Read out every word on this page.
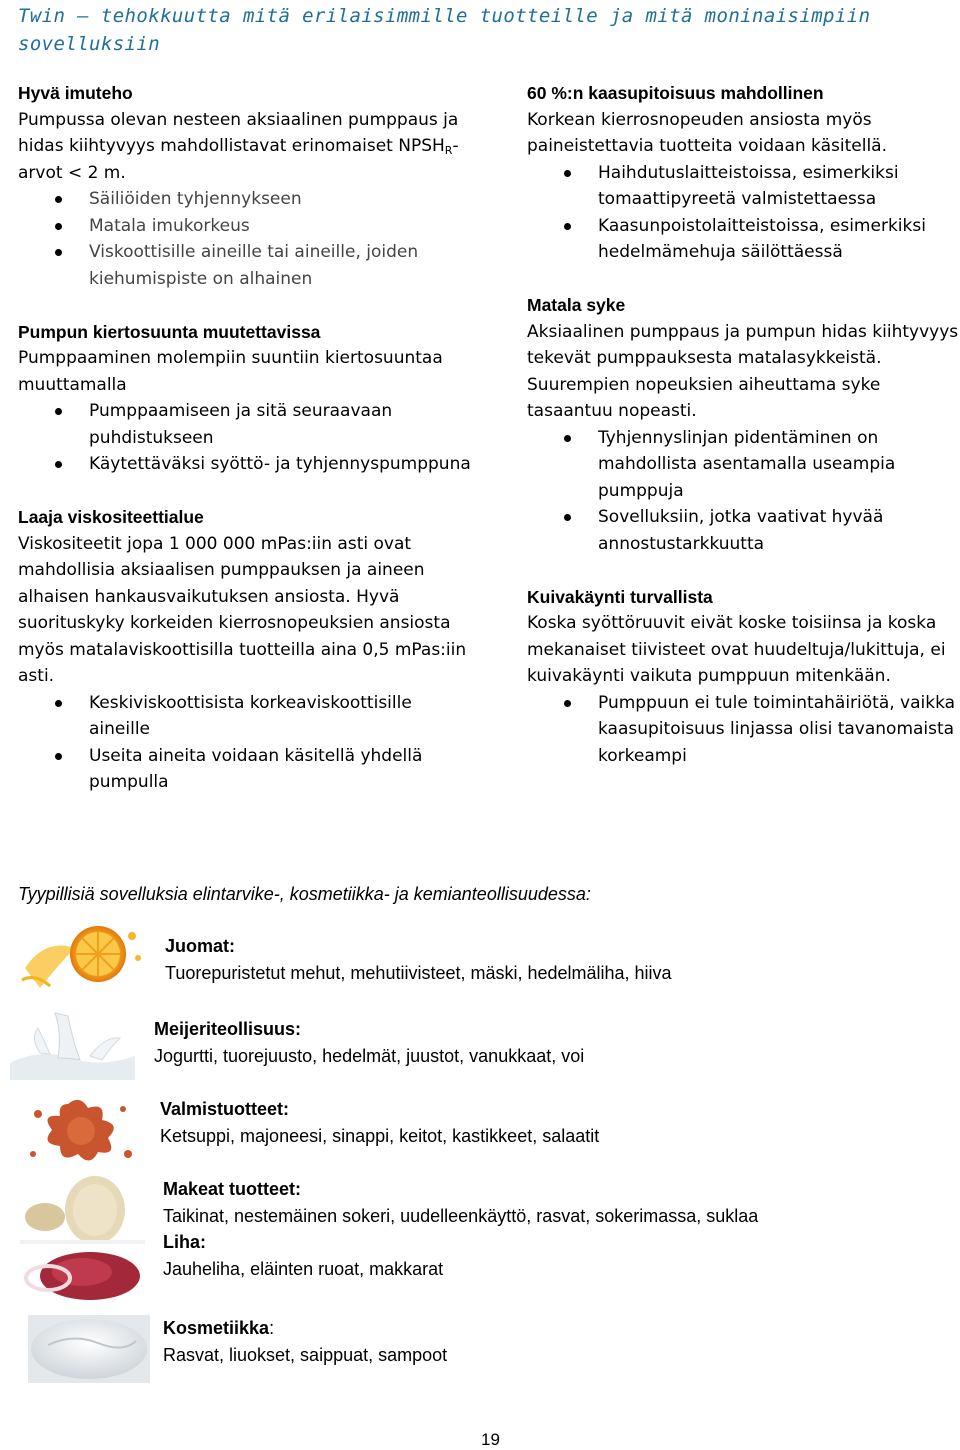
Twin – tehokkuutta mitä erilaisimmille tuotteille ja mitä moninaisimpiin sovelluksiin

Hyvä imuteho

Pumpussa olevan nesteen aksiaalinen pumppaus ja hidas kiihtyvyys mahdollistavat erinomaiset $NPSH_R$-arvot < 2 m.

Säiliöiden tyhjennykseen
Matala imukorkeus
Viskoottisille aineille tai aineille, joiden kiehumispiste on alhainen

Pumpun kiertosuunta muutettavissa

Pumppaaminen molempiin suuntiin kiertosuuntaa muuttamalla

Pumppaamiseen ja sitä seuraavaan puhdistukseen
Käytettäväksi syöttö- ja tyhjennyspumppuna

Laaja viskositeettialue

Viskositeetit jopa 1 000 000 mPas:iin asti ovat mahdollisia aksiaalisen pumppauksen ja aineen alhaisen hankausvaikutuksen ansiosta. Hyvä suorituskyky korkeiden kierrosnopeuksien ansiosta myös matalaviskoottisilla tuotteilla aina 0,5 mPas:iin asti.

Keskiviskoottisista korkeaviskoottisille aineille
Useita aineita voidaan käsitellä yhdellä pumpulla

60 %:n kaasupitoisuus mahdollinen

Korkean kierrosnopeuden ansiosta myös paineistettavia tuotteita voidaan käsitellä.

Haihdutuslaitteistoissa, esimerkiksi tomaattipyreetä valmistettaessa
Kaasunpoistolaitteistoissa, esimerkiksi hedelmämehuja säilöttäessä

Matala syke

Aksiaalinen pumppaus ja pumpun hidas kiihtyvyys tekevät pumppauksesta matalasykkeistä. Suurempien nopeuksien aiheuttama syke tasaantuu nopeasti.

Tyhjennyslinjan pidentäminen on mahdollista asentamalla useampia pumppuja
Sovelluksiin, jotka vaativat hyvää annostustarkkuutta

Kuivakäynti turvallista

Koska syöttöruuvit eivät koske toisiinsa ja koska mekanaiset tiivisteet ovat huudeltuja/lukittuja, ei kuivakäynti vaikuta pumppuun mitenkään.

Pumppuun ei tule toimintahäiriötä, vaikka kaasupitoisuus linjassa olisi tavanomaista korkeampi

Tyypillisiä sovelluksia elintarvike-, kosmetiikka- ja kemianteollisuudessa:

Juomat:

Tuorepuristetut mehut, mehutiivisteet, mäski, hedelmäliha, hiiva

Meijeriteollisuus:

Jogurtti, tuorejuusto, hedelmät, juustot, vanukkaat, voi

Valmistuotteet:

Ketsuppi, majoneesi, sinappi, keitot, kastikkeet, salaatit

Makeat tuotteet:

Taikinat, nestemäinen sokeri, uudelleenkäyttö, rasvat, sokerimassa, suklaa

Liha:

Jauheliha, eläinten ruoat, makkarat

Kosmetiikka:

Rasvat, liuokset, saippuat, sampoot

19
